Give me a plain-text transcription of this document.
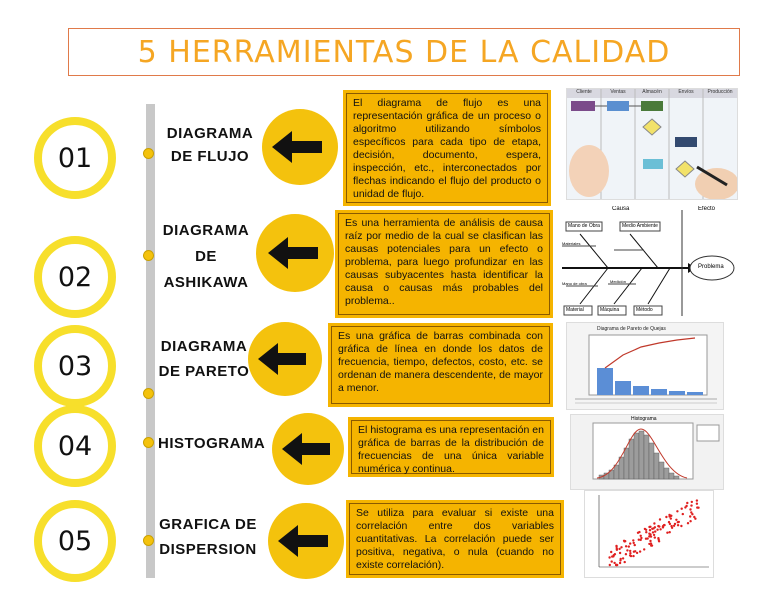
5 HERRAMIENTAS DE LA CALIDAD
01
02
03
04
05
DIAGRAMA
DE FLUJO
DIAGRAMA
DE
ASHIKAWA
DIAGRAMA
DE PARETO
HISTOGRAMA
GRAFICA DE
DISPERSION
El diagrama de flujo es una representación gráfica de un proceso o algoritmo utilizando símbolos específicos para cada tipo de etapa, decisión, documento, espera, inspección, etc., interconectados por flechas indicando el flujo del producto o unidad de flujo.
Es una herramienta de análisis de causa raíz por medio de la cual se clasifican las causas potenciales para un efecto o problema, para luego profundizar en las causas subyacentes hasta identificar la causa o causas más probables del problema..
Es una gráfica de barras combinada con gráfica de línea en donde los datos de frecuencia, tiempo, defectos, costo, etc. se ordenan de manera descendente, de mayor a menor.
El histograma es una representación en gráfica de barras de la distribución de frecuencias de una única variable numérica y continua.
Se utiliza para evaluar si existe una correlación entre dos variables cuantitativas. La correlación puede ser positiva, negativa, o nula (cuando no existe correlación).
Cliente	Ventas	Almacén	Envíos	Producción
Causa	Efecto
Problema
Mano de Obra	Medio Ambiente
Material	Máquina	Método
Materiales
Mano de obra	Medición
Diagrama de Pareto de Quejas
Histograma
